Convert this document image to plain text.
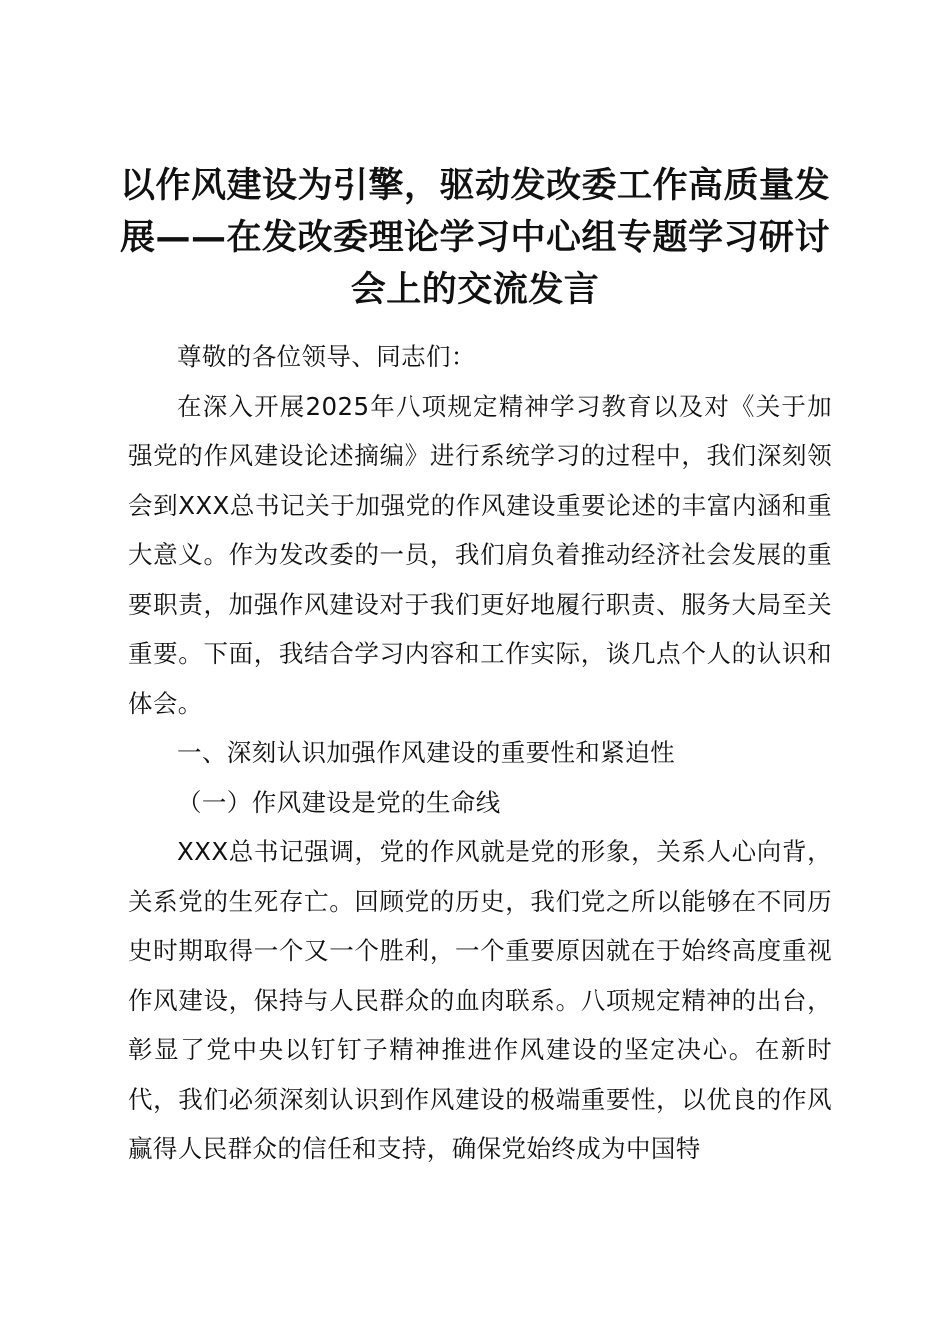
以作风建设为引擎，驱动发改委工作高质量发展——在发改委理论学习中心组专题学习研讨会上的交流发言

尊敬的各位领导、同志们：

在深入开展2025年八项规定精神学习教育以及对《关于加强党的作风建设论述摘编》进行系统学习的过程中，我们深刻领会到XXX总书记关于加强党的作风建设重要论述的丰富内涵和重大意义。作为发改委的一员，我们肩负着推动经济社会发展的重要职责，加强作风建设对于我们更好地履行职责、服务大局至关重要。下面，我结合学习内容和工作实际，谈几点个人的认识和体会。

一、深刻认识加强作风建设的重要性和紧迫性

（一）作风建设是党的生命线

XXX总书记强调，党的作风就是党的形象，关系人心向背，关系党的生死存亡。回顾党的历史，我们党之所以能够在不同历史时期取得一个又一个胜利，一个重要原因就在于始终高度重视作风建设，保持与人民群众的血肉联系。八项规定精神的出台，彰显了党中央以钉钉子精神推进作风建设的坚定决心。在新时代，我们必须深刻认识到作风建设的极端重要性，以优良的作风赢得人民群众的信任和支持，确保党始终成为中国特
